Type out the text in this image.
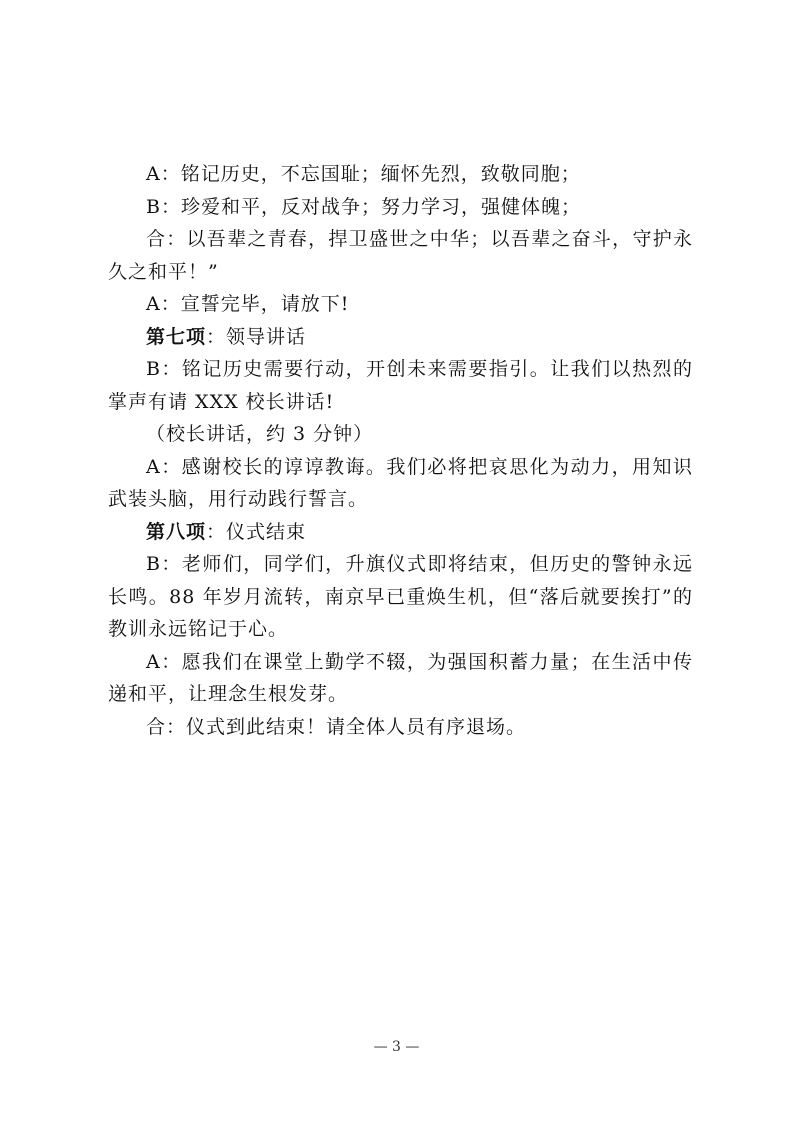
A：铭记历史，不忘国耻；缅怀先烈，致敬同胞；

B：珍爱和平，反对战争；努力学习，强健体魄；

合：以吾辈之青春，捍卫盛世之中华；以吾辈之奋斗，守护永久之和平！”

A：宣誓完毕，请放下!

第七项：领导讲话

B：铭记历史需要行动，开创未来需要指引。让我们以热烈的掌声有请 XXX 校长讲话!

（校长讲话，约 3 分钟）

A：感谢校长的谆谆教诲。我们必将把哀思化为动力，用知识武装头脑，用行动践行誓言。

第八项：仪式结束

B：老师们，同学们，升旗仪式即将结束，但历史的警钟永远长鸣。88 年岁月流转，南京早已重焕生机，但“落后就要挨打”的教训永远铭记于心。

A：愿我们在课堂上勤学不辍，为强国积蓄力量；在生活中传递和平，让理念生根发芽。

合：仪式到此结束！请全体人员有序退场。

— 3 —
